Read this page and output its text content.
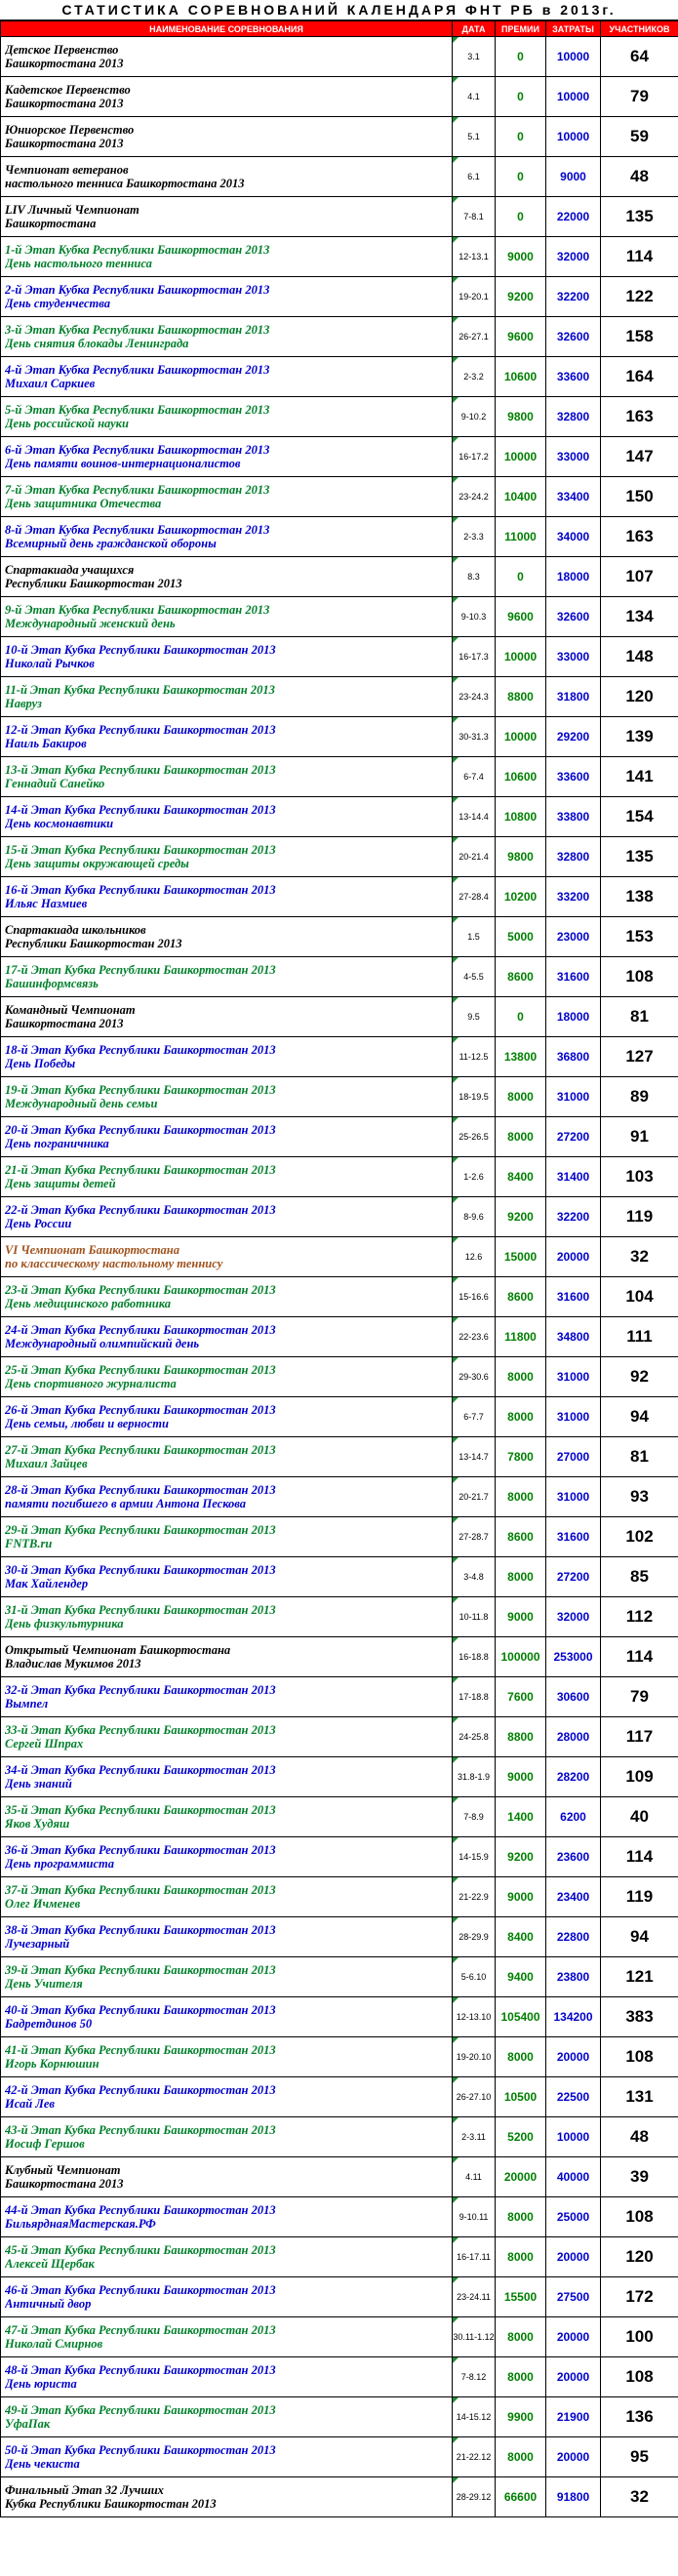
СТАТИСТИКА СОРЕВНОВАНИЙ КАЛЕНДАРЯ ФНТ РБ в 2013г.
НАИМЕНОВАНИЕ СОРЕВНОВАНИЯ	ДАТА	ПРЕМИИ	ЗАТРАТЫ	УЧАСТНИКОВ

Детское Первенство
Башкортостана 2013	3.1	0	10000	64

Кадетское Первенство
Башкортостана 2013	4.1	0	10000	79

Юниорское Первенство
Башкортостана 2013	5.1	0	10000	59

Чемпионат ветеранов
настольного тенниса Башкортостана 2013	6.1	0	9000	48

LIV Личный Чемпионат
Башкортостана	7-8.1	0	22000	135

1-й Этап Кубка Республики Башкортостан 2013
День настольного тенниса	12-13.1	9000	32000	114

2-й Этап Кубка Республики Башкортостан 2013
День студенчества	19-20.1	9200	32200	122

3-й Этап Кубка Республики Башкортостан 2013
День снятия блокады Ленинграда	26-27.1	9600	32600	158

4-й Этап Кубка Республики Башкортостан 2013
Михаил Саркиев	2-3.2	10600	33600	164

5-й Этап Кубка Республики Башкортостан 2013
День российской науки	9-10.2	9800	32800	163

6-й Этап Кубка Республики Башкортостан 2013
День памяти воинов-интернационалистов	16-17.2	10000	33000	147

7-й Этап Кубка Республики Башкортостан 2013
День защитника Отечества	23-24.2	10400	33400	150

8-й Этап Кубка Республики Башкортостан 2013
Всемирный день гражданской обороны	2-3.3	11000	34000	163

Спартакиада учащихся
Республики Башкортостан 2013	8.3	0	18000	107

9-й Этап Кубка Республики Башкортостан 2013
Международный женский день	9-10.3	9600	32600	134

10-й Этап Кубка Республики Башкортостан 2013
Николай Рычков	16-17.3	10000	33000	148

11-й Этап Кубка Республики Башкортостан 2013
Навруз	23-24.3	8800	31800	120

12-й Этап Кубка Республики Башкортостан 2013
Наиль Бакиров	30-31.3	10000	29200	139

13-й Этап Кубка Республики Башкортостан 2013
Геннадий Санейко	6-7.4	10600	33600	141

14-й Этап Кубка Республики Башкортостан 2013
День космонавтики	13-14.4	10800	33800	154

15-й Этап Кубка Республики Башкортостан 2013
День защиты окружающей среды	20-21.4	9800	32800	135

16-й Этап Кубка Республики Башкортостан 2013
Ильяс Назмиев	27-28.4	10200	33200	138

Спартакиада школьников
Республики Башкортостан 2013	1.5	5000	23000	153

17-й Этап Кубка Республики Башкортостан 2013
Башинформсвязь	4-5.5	8600	31600	108

Командный Чемпионат
Башкортостана 2013	9.5	0	18000	81

18-й Этап Кубка Республики Башкортостан 2013
День Победы	11-12.5	13800	36800	127

19-й Этап Кубка Республики Башкортостан 2013
Международный день семьи	18-19.5	8000	31000	89

20-й Этап Кубка Республики Башкортостан 2013
День пограничника	25-26.5	8000	27200	91

21-й Этап Кубка Республики Башкортостан 2013
День защиты детей	1-2.6	8400	31400	103

22-й Этап Кубка Республики Башкортостан 2013
День России	8-9.6	9200	32200	119

VI Чемпионат Башкортостана
по классическому настольному теннису	12.6	15000	20000	32

23-й Этап Кубка Республики Башкортостан 2013
День медицинского работника	15-16.6	8600	31600	104

24-й Этап Кубка Республики Башкортостан 2013
Международный олимпийский день	22-23.6	11800	34800	111

25-й Этап Кубка Республики Башкортостан 2013
День спортивного журналиста	29-30.6	8000	31000	92

26-й Этап Кубка Республики Башкортостан 2013
День семьи, любви и верности	6-7.7	8000	31000	94

27-й Этап Кубка Республики Башкортостан 2013
Михаил Зайцев	13-14.7	7800	27000	81

28-й Этап Кубка Республики Башкортостан 2013
памяти погибшего в армии Антона Пескова	20-21.7	8000	31000	93

29-й Этап Кубка Республики Башкортостан 2013
FNTB.ru	27-28.7	8600	31600	102

30-й Этап Кубка Республики Башкортостан 2013
Мак Хайлендер	3-4.8	8000	27200	85

31-й Этап Кубка Республики Башкортостан 2013
День физкультурника	10-11.8	9000	32000	112

Открытый Чемпионат Башкортостана
Владислав Мукимов 2013	16-18.8	100000	253000	114

32-й Этап Кубка Республики Башкортостан 2013
Вымпел	17-18.8	7600	30600	79

33-й Этап Кубка Республики Башкортостан 2013
Сергей Шпрах	24-25.8	8800	28000	117

34-й Этап Кубка Республики Башкортостан 2013
День знаний	31.8-1.9	9000	28200	109

35-й Этап Кубка Республики Башкортостан 2013
Яков Худяш	7-8.9	1400	6200	40

36-й Этап Кубка Республики Башкортостан 2013
День программиста	14-15.9	9200	23600	114

37-й Этап Кубка Республики Башкортостан 2013
Олег Ичменев	21-22.9	9000	23400	119

38-й Этап Кубка Республики Башкортостан 2013
Лучезарный	28-29.9	8400	22800	94

39-й Этап Кубка Республики Башкортостан 2013
День Учителя	5-6.10	9400	23800	121

40-й Этап Кубка Республики Башкортостан 2013
Бадретдинов 50	12-13.10	105400	134200	383

41-й Этап Кубка Республики Башкортостан 2013
Игорь Корнюшин	19-20.10	8000	20000	108

42-й Этап Кубка Республики Башкортостан 2013
Исай Лев	26-27.10	10500	22500	131

43-й Этап Кубка Республики Башкортостан 2013
Иосиф Гершов	2-3.11	5200	10000	48

Клубный Чемпионат
Башкортостана 2013	4.11	20000	40000	39

44-й Этап Кубка Республики Башкортостан 2013
БильярднаяМастерская.РФ	9-10.11	8000	25000	108

45-й Этап Кубка Республики Башкортостан 2013
Алексей Щербак	16-17.11	8000	20000	120

46-й Этап Кубка Республики Башкортостан 2013
Античный двор	23-24.11	15500	27500	172

47-й Этап Кубка Республики Башкортостан 2013
Николай Смирнов	30.11-1.12	8000	20000	100

48-й Этап Кубка Республики Башкортостан 2013
День юриста	7-8.12	8000	20000	108

49-й Этап Кубка Республики Башкортостан 2013
УфаПак	14-15.12	9900	21900	136

50-й Этап Кубка Республики Башкортостан 2013
День чекиста	21-22.12	8000	20000	95

Финальный Этап 32 Лучших
Кубка Республики Башкортостан 2013	28-29.12	66600	91800	32
